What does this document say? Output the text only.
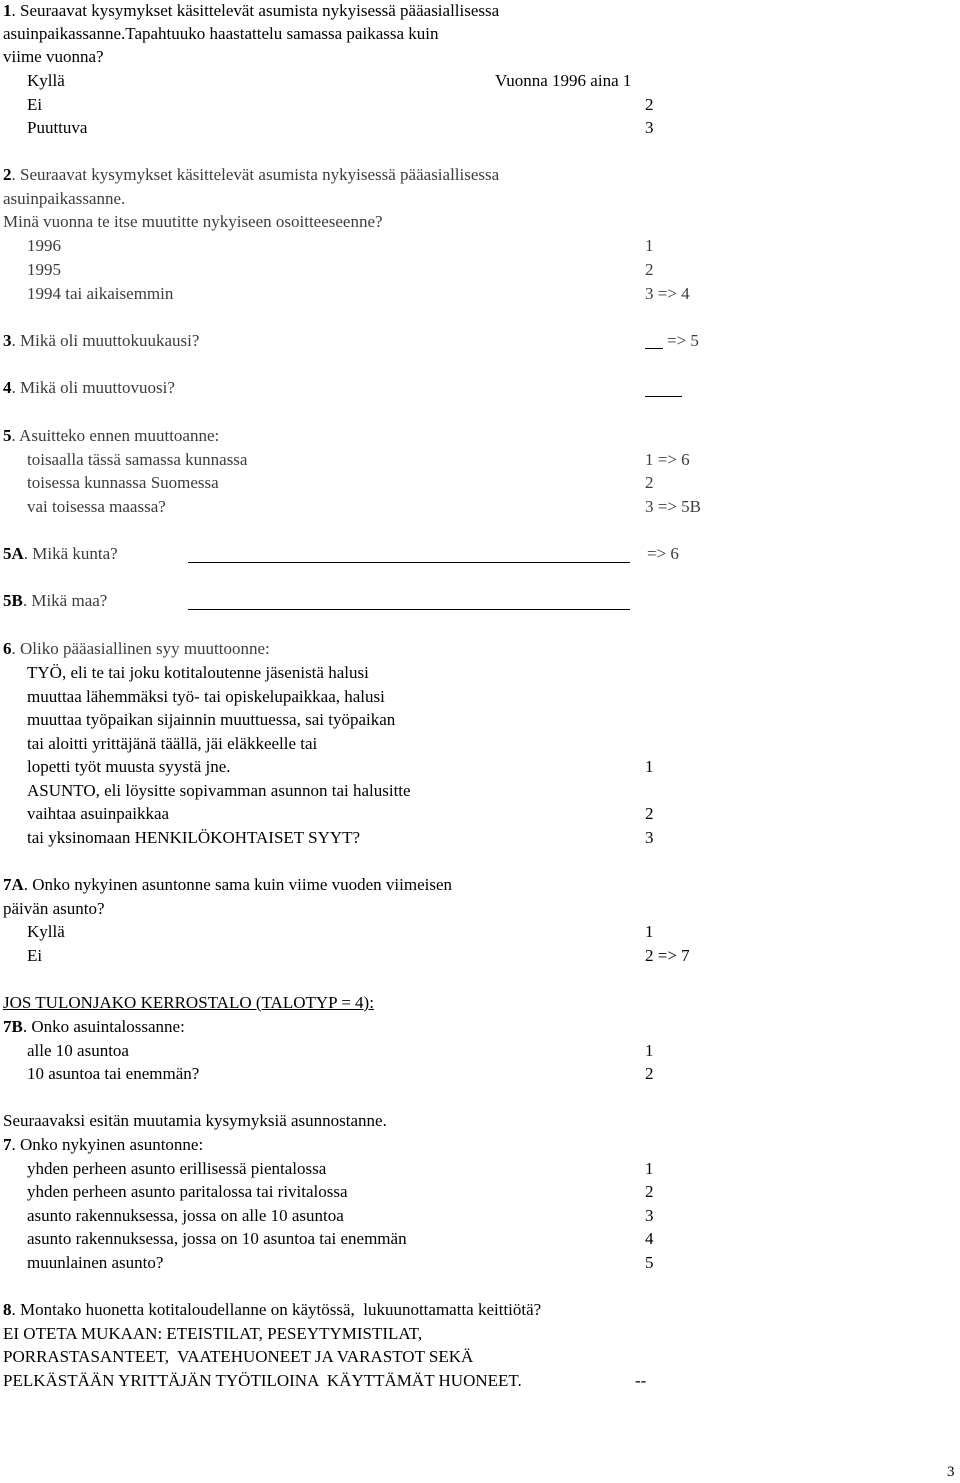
1. Seuraavat kysymykset käsittelevät asumista nykyisessä pääasiallisessa
asuinpaikassanne.Tapahtuuko haastattelu samassa paikassa kuin
viime vuonna?
Kyllä	Vuonna 1996 aina 1
Ei	2
Puuttuva	3
2. Seuraavat kysymykset käsittelevät asumista nykyisessä pääasiallisessa
asuinpaikassanne.
Minä vuonna te itse muutitte nykyiseen osoitteeseenne?
1996	1
1995	2
1994 tai aikaisemmin	3 => 4
3. Mikä oli muuttokuukausi?	=> 5
4. Mikä oli muuttovuosi?
5. Asuitteko ennen muuttoanne:
toisaalla tässä samassa kunnassa	1 => 6
toisessa kunnassa Suomessa	2
vai toisessa maassa?	3 => 5B
5A. Mikä kunta?	=> 6
5B. Mikä maa?
6. Oliko pääasiallinen syy muuttoonne:
TYÖ, eli te tai joku kotitaloutenne jäsenistä halusi
muuttaa lähemmäksi työ- tai opiskelupaikkaa, halusi
muuttaa työpaikan sijainnin muuttuessa, sai työpaikan
tai aloitti yrittäjänä täällä, jäi eläkkeelle tai
lopetti työt muusta syystä jne.	1
ASUNTO, eli löysitte sopivamman asunnon tai halusitte
vaihtaa asuinpaikkaa	2
tai yksinomaan HENKILÖKOHTAISET SYYT?	3
7A. Onko nykyinen asuntonne sama kuin viime vuoden viimeisen
päivän asunto?
Kyllä	1
Ei	2 => 7
JOS TULONJAKO KERROSTALO (TALOTYP = 4):
7B. Onko asuintalossanne:
alle 10 asuntoa	1
10 asuntoa tai enemmän?	2
Seuraavaksi esitän muutamia kysymyksiä asunnostanne.
7. Onko nykyinen asuntonne:
yhden perheen asunto erillisessä pientalossa	1
yhden perheen asunto paritalossa tai rivitalossa	2
asunto rakennuksessa, jossa on alle 10 asuntoa	3
asunto rakennuksessa, jossa on 10 asuntoa tai enemmän	4
muunlainen asunto?	5
8. Montako huonetta kotitaloudellanne on käytössä,  lukuunottamatta keittiötä?
EI OTETA MUKAAN: ETEISTILAT, PESEYTYMISTILAT,
PORRASTASANTEET,  VAATEHUONEET JA VARASTOT SEKÄ
PELKÄSTÄÄN YRITTÄJÄN TYÖTILOINA  KÄYTTÄMÄT HUONEET.	--
3
